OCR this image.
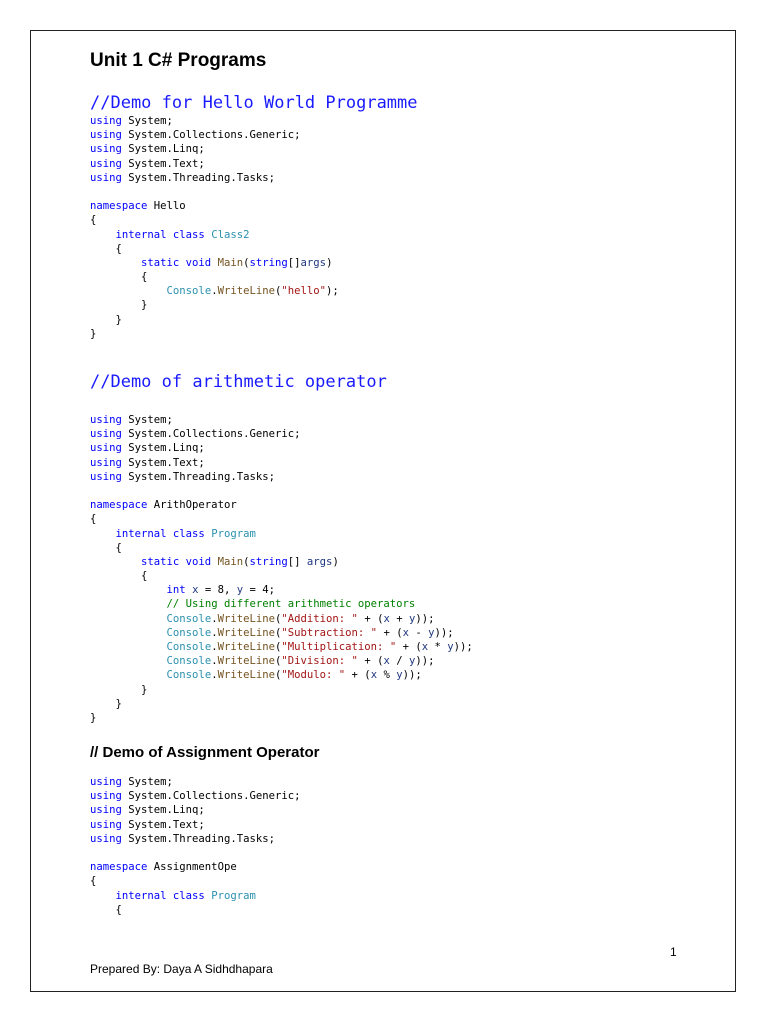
Unit 1 C# Programs
//Demo for Hello World Programme
using System;
using System.Collections.Generic;
using System.Linq;
using System.Text;
using System.Threading.Tasks;
namespace Hello
{
internal class Class2
{
static void Main(string[]args)
{
Console.WriteLine("hello");
}
}
}
//Demo of arithmetic operator
using System;
using System.Collections.Generic;
using System.Linq;
using System.Text;
using System.Threading.Tasks;
namespace ArithOperator
{
internal class Program
{
static void Main(string[] args)
{
int x = 8, y = 4;
// Using different arithmetic operators
Console.WriteLine("Addition: " + (x + y));
Console.WriteLine("Subtraction: " + (x - y));
Console.WriteLine("Multiplication: " + (x * y));
Console.WriteLine("Division: " + (x / y));
Console.WriteLine("Modulo: " + (x % y));
}
}
}
// Demo of Assignment Operator
using System;
using System.Collections.Generic;
using System.Linq;
using System.Text;
using System.Threading.Tasks;
namespace AssignmentOpe
{
internal class Program
{
1
Prepared By: Daya A Sidhdhapara
